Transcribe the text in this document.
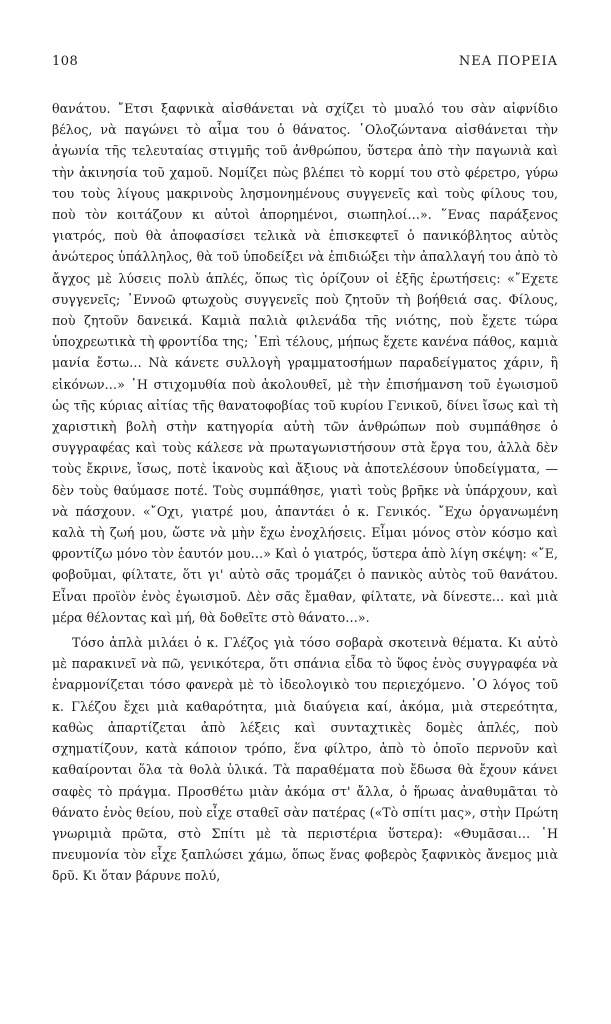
108	ΝΕΑ ΠΟΡΕΙΑ

θανάτου. ῎Ετσι ξαφνικὰ αἰσθάνεται νὰ σχίζει τὸ μυαλό του σὰν αἰφνίδιο βέλος, νὰ παγώνει τὸ αἷμα του ὁ θάνατος. ῾Ολοζώντανα αἰσθάνεται τὴν ἀγωνία τῆς τελευταίας στιγμῆς τοῦ ἀνθρώπου, ὕστερα ἀπὸ τὴν παγωνιὰ καὶ τὴν ἀκινησία τοῦ χαμοῦ. Νομίζει πὼς βλέπει τὸ κορμί του στὸ φέρετρο, γύρω του τοὺς λίγους μακρινοὺς λησμονημένους συγγενεῖς καὶ τοὺς φίλους του, ποὺ τὸν κοιτάζουν κι αὐτοὶ ἀπορημένοι, σιωπηλοί…». ῞Ενας παράξενος γιατρός, ποὺ θὰ ἀποφασίσει τελικὰ νὰ ἐπισκεφτεῖ ὁ πανικόβλητος αὐτὸς ἀνώτερος ὑπάλληλος, θὰ τοῦ ὑποδείξει νὰ ἐπιδιώξει τὴν ἀπαλλαγή του ἀπὸ τὸ ἄγχος μὲ λύσεις πολὺ ἁπλές, ὅπως τὶς ὁρίζουν οἱ ἑξῆς ἐρωτήσεις: «῎Εχετε συγγενεῖς; ᾿Εννοῶ φτωχοὺς συγγενεῖς ποὺ ζητοῦν τὴ βοήθειά σας. Φίλους, ποὺ ζητοῦν δανεικά. Καμιὰ παλιὰ φιλενάδα τῆς νιότης, ποὺ ἔχετε τώρα ὑποχρεωτικὰ τὴ φροντίδα της; ᾿Επὶ τέλους, μήπως ἔχετε κανένα πάθος, καμιὰ μανία ἔστω… Νὰ κάνετε συλλογὴ γραμματοσήμων παραδείγματος χάριν, ἢ εἰκόνων…» ῾Η στιχομυθία ποὺ ἀκολουθεῖ, μὲ τὴν ἐπισήμανση τοῦ ἐγωισμοῦ ὡς τῆς κύριας αἰτίας τῆς θανατοφοβίας τοῦ κυρίου Γενικοῦ, δίνει ἴσως καὶ τὴ χαριστικὴ βολὴ στὴν κατηγορία αὐτὴ τῶν ἀνθρώπων ποὺ συμπάθησε ὁ συγγραφέας καὶ τοὺς κάλεσε νὰ πρωταγωνιστήσουν στὰ ἔργα του, ἀλλὰ δὲν τοὺς ἔκρινε, ἴσως, ποτὲ ἱκανοὺς καὶ ἄξιους νὰ ἀποτελέσουν ὑποδείγματα, — δὲν τοὺς θαύμασε ποτέ. Τοὺς συμπάθησε, γιατὶ τοὺς βρῆκε νὰ ὑπάρχουν, καὶ νὰ πάσχουν. «῎Οχι, γιατρέ μου, ἀπαντάει ὁ κ. Γενικός. ῎Εχω ὀργανωμένη καλὰ τὴ ζωή μου, ὥστε νὰ μὴν ἔχω ἐνοχλήσεις. Εἶμαι μόνος στὸν κόσμο καὶ φροντίζω μόνο τὸν ἑαυτόν μου…» Καὶ ὁ γιατρός, ὕστερα ἀπὸ λίγη σκέψη: «῎Ε, φοβοῦμαι, φίλτατε, ὅτι γι' αὐτὸ σᾶς τρομάζει ὁ πανικὸς αὐτὸς τοῦ θανάτου. Εἶναι προϊὸν ἑνὸς ἐγωισμοῦ. Δὲν σᾶς ἔμαθαν, φίλτατε, νὰ δίνεστε… καὶ μιὰ μέρα θέλοντας καὶ μή, θὰ δοθεῖτε στὸ θάνατο…».

Τόσο ἁπλὰ μιλάει ὁ κ. Γλέζος γιὰ τόσο σοβαρὰ σκοτεινὰ θέματα. Κι αὐτὸ μὲ παρακινεῖ νὰ πῶ, γενικότερα, ὅτι σπάνια εἶδα τὸ ὕφος ἑνὸς συγγραφέα νὰ ἐναρμονίζεται τόσο φανερὰ μὲ τὸ ἰδεολογικὸ του περιεχόμενο. ῾Ο λόγος τοῦ κ. Γλέζου ἔχει μιὰ καθαρότητα, μιὰ διαύγεια καί, ἀκόμα, μιὰ στερεότητα, καθὼς ἀπαρτίζεται ἀπὸ λέξεις καὶ συνταχτικὲς δομὲς ἁπλές, ποὺ σχηματίζουν, κατὰ κάποιον τρόπο, ἕνα φίλτρο, ἀπὸ τὸ ὁποῖο περνοῦν καὶ καθαίρονται ὅλα τὰ θολὰ ὑλικά. Τὰ παραθέματα ποὺ ἔδωσα θὰ ἔχουν κάνει σαφὲς τὸ πράγμα. Προσθέτω μιὰν ἀκόμα στ' ἄλλα, ὁ ἥρωας ἀναθυμᾶται τὸ θάνατο ἑνὸς θείου, ποὺ εἶχε σταθεῖ σὰν πατέρας («Τὸ σπίτι μας», στὴν Πρώτη γνωριμιὰ πρῶτα, στὸ Σπίτι μὲ τὰ περιστέρια ὕστερα): «Θυμᾶσαι… ῾Η πνευμονία τὸν εἶχε ξαπλώσει χάμω, ὅπως ἕνας φοβερὸς ξαφνικὸς ἄνεμος μιὰ δρῦ. Κι ὅταν βάρυνε πολύ,
